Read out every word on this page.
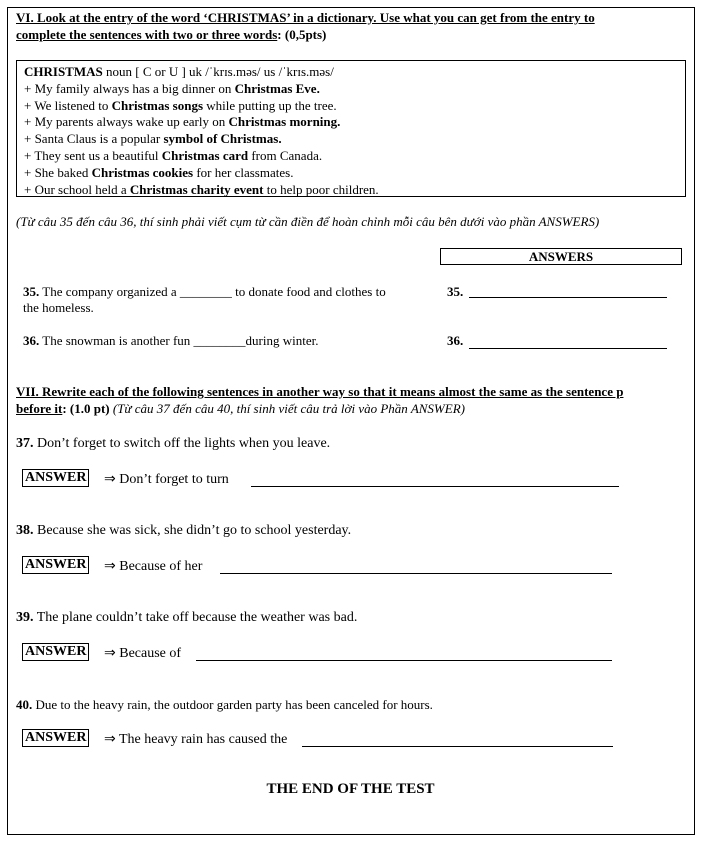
VI. Look at the entry of the word ‘CHRISTMAS’ in a dictionary. Use what you can get from the entry to
complete the sentences with two or three words: (0,5pts)
CHRISTMAS noun [ C or U ] uk /ˈkrɪs.məs/ us /ˈkrɪs.məs/
+ My family always has a big dinner on Christmas Eve.
+ We listened to Christmas songs while putting up the tree.
+ My parents always wake up early on Christmas morning.
+ Santa Claus is a popular symbol of Christmas.
+ They sent us a beautiful Christmas card from Canada.
+ She baked Christmas cookies for her classmates.
+ Our school held a Christmas charity event to help poor children.
(Từ câu 35 đến câu 36, thí sinh phải viết cụm từ cần điền để hoàn chỉnh mỗi câu bên dưới vào phần ANSWERS)
ANSWERS
35. The company organized a ________ to donate food and clothes to
the homeless.
35.
36. The snowman is another fun ________during winter.	36.
VII. Rewrite each of the following sentences in another way so that it means almost the same as the sentence p
before it: (1.0 pt) (Từ câu 37 đến câu 40, thí sinh viết câu trả lời vào Phần ANSWER)
37. Don’t forget to switch off the lights when you leave.
ANSWER ⇒ Don’t forget to turn
38. Because she was sick, she didn’t go to school yesterday.
ANSWER ⇒ Because of her
39. The plane couldn’t take off because the weather was bad.
ANSWER ⇒ Because of
40. Due to the heavy rain, the outdoor garden party has been canceled for hours.
ANSWER ⇒ The heavy rain has caused the
THE END OF THE TEST
